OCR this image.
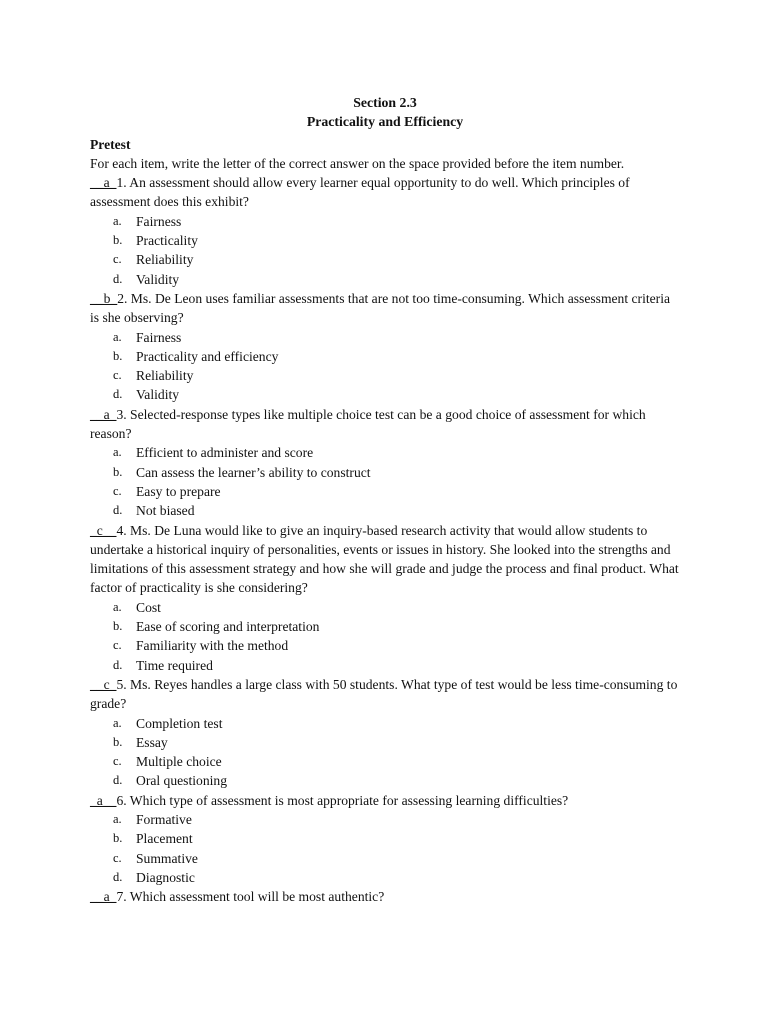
Section 2.3
Practicality and Efficiency
Pretest
For each item, write the letter of the correct answer on the space provided before the item number.
__a_1. An assessment should allow every learner equal opportunity to do well. Which principles of assessment does this exhibit?
a.	Fairness
b.	Practicality
c.	Reliability
d.	Validity
__b_2. Ms. De Leon uses familiar assessments that are not too time-consuming. Which assessment criteria is she observing?
a.	Fairness
b.	Practicality and efficiency
c.	Reliability
d.	Validity
__a_3. Selected-response types like multiple choice test can be a good choice of assessment for which reason?
a.	Efficient to administer and score
b.	Can assess the learner’s ability to construct
c.	Easy to prepare
d.	Not biased
_c__4. Ms. De Luna would like to give an inquiry-based research activity that would allow students to undertake a historical inquiry of personalities, events or issues in history. She looked into the strengths and limitations of this assessment strategy and how she will grade and judge the process and final product. What factor of practicality is she considering?
a.	Cost
b.	Ease of scoring and interpretation
c.	Familiarity with the method
d.	Time required
__c_5. Ms. Reyes handles a large class with 50 students. What type of test would be less time-consuming to grade?
a.	Completion test
b.	Essay
c.	Multiple choice
d.	Oral questioning
_a__6. Which type of assessment is most appropriate for assessing learning difficulties?
a.	Formative
b.	Placement
c.	Summative
d.	Diagnostic
__a_7. Which assessment tool will be most authentic?
